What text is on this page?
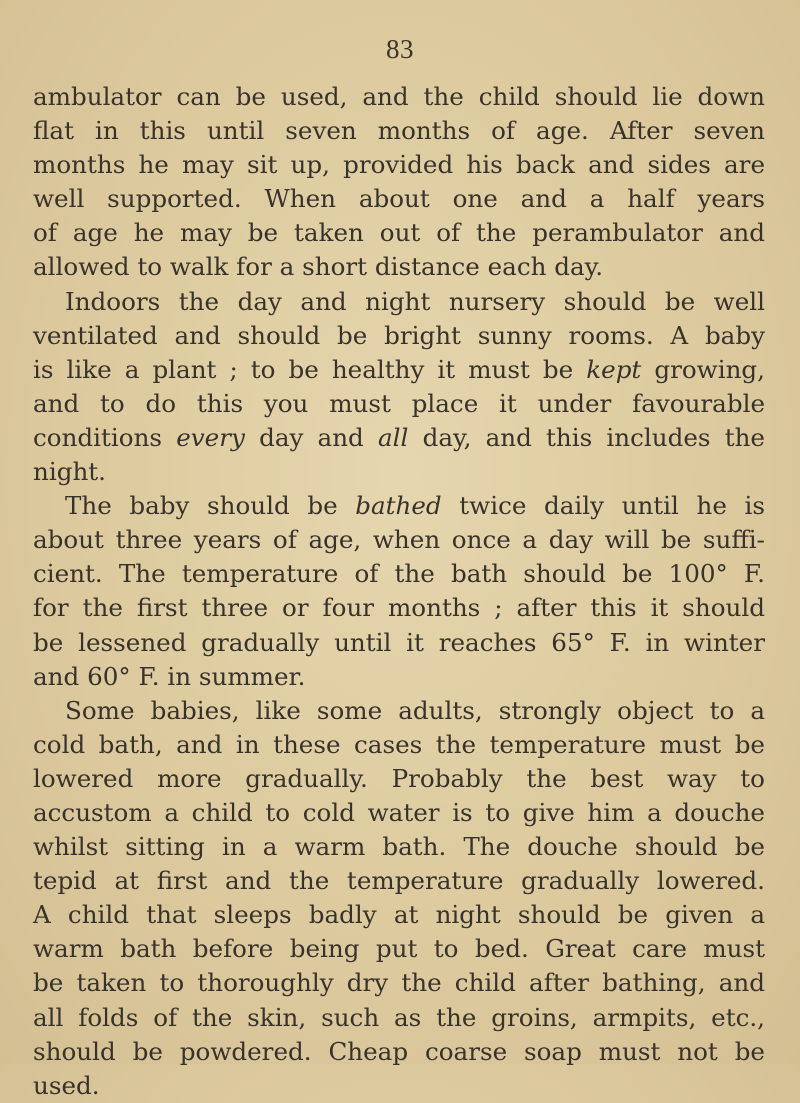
83
ambulator can be used, and the child should lie down
flat in this until seven months of age. After seven
months he may sit up, provided his back and sides are
well supported. When about one and a half years
of age he may be taken out of the perambulator and
allowed to walk for a short distance each day.
Indoors the day and night nursery should be well
ventilated and should be bright sunny rooms. A baby
is like a plant ; to be healthy it must be kept growing,
and to do this you must place it under favourable
conditions every day and all day, and this includes the
night.
The baby should be bathed twice daily until he is
about three years of age, when once a day will be suffi-
cient. The temperature of the bath should be 100° F.
for the first three or four months ; after this it should
be lessened gradually until it reaches 65° F. in winter
and 60° F. in summer.
Some babies, like some adults, strongly object to a
cold bath, and in these cases the temperature must be
lowered more gradually. Probably the best way to
accustom a child to cold water is to give him a douche
whilst sitting in a warm bath. The douche should be
tepid at first and the temperature gradually lowered.
A child that sleeps badly at night should be given a
warm bath before being put to bed. Great care must
be taken to thoroughly dry the child after bathing, and
all folds of the skin, such as the groins, armpits, etc.,
should be powdered. Cheap coarse soap must not be
used.
